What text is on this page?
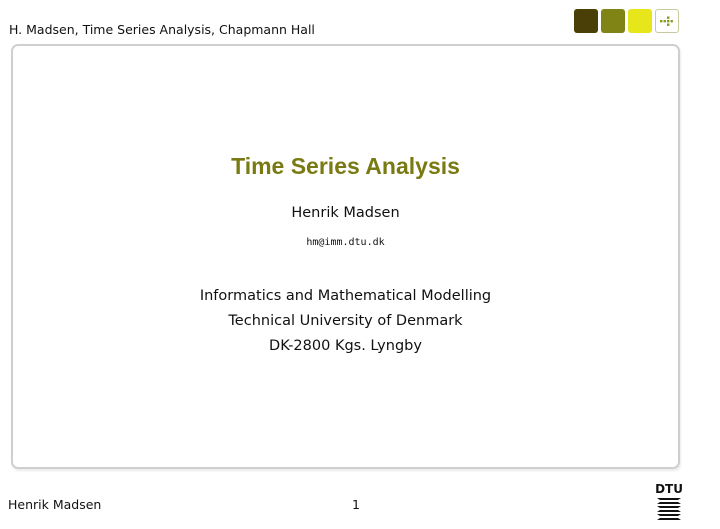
H. Madsen, Time Series Analysis, Chapmann Hall
Time Series Analysis
Henrik Madsen
hm@imm.dtu.dk
Informatics and Mathematical Modelling
Technical University of Denmark
DK-2800 Kgs. Lyngby
Henrik Madsen	1
DTU
